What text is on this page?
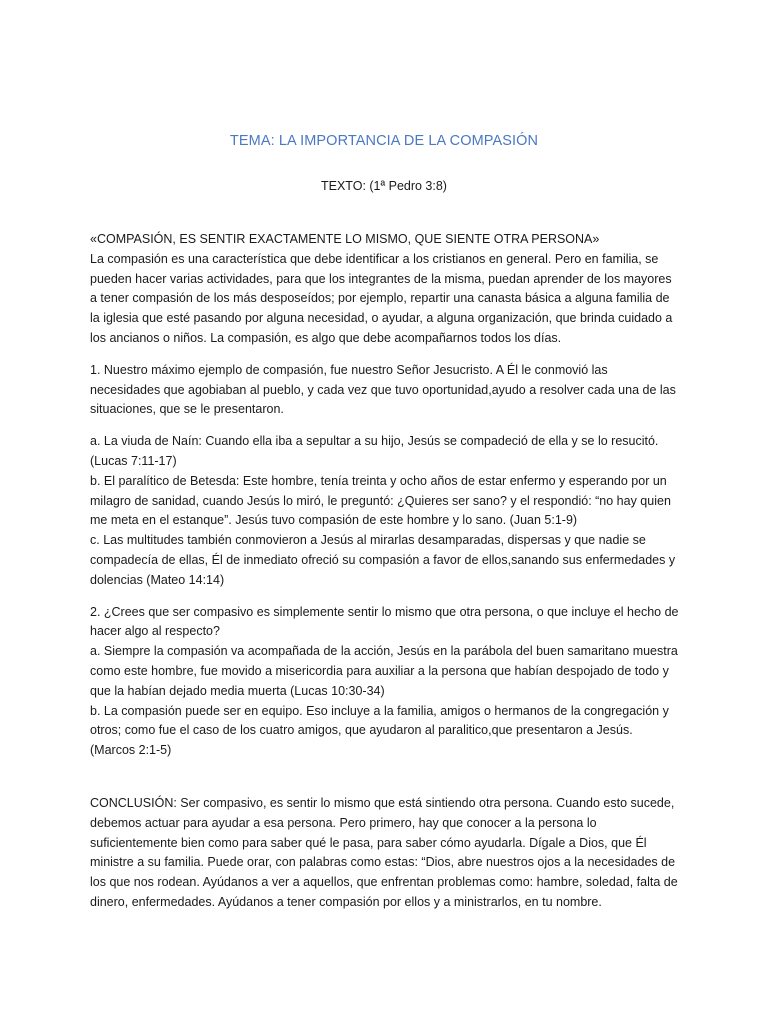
TEMA: LA IMPORTANCIA DE LA COMPASIÓN
TEXTO: (1ª Pedro 3:8)

«COMPASIÓN, ES SENTIR EXACTAMENTE LO MISMO, QUE SIENTE OTRA PERSONA»

La compasión es una característica que debe identificar a los cristianos en general. Pero en familia, se pueden hacer varias actividades, para que los integrantes de la misma, puedan aprender de los mayores a tener compasión de los más desposeídos; por ejemplo, repartir una canasta básica a alguna familia de la iglesia que esté pasando por alguna necesidad, o ayudar, a alguna organización, que brinda cuidado a los ancianos o niños. La compasión, es algo que debe acompañarnos todos los días.

1. Nuestro máximo ejemplo de compasión, fue nuestro Señor Jesucristo. A Él le conmovió las necesidades que agobiaban al pueblo, y cada vez que tuvo oportunidad,ayudo a resolver cada una de las situaciones, que se le presentaron.

a. La viuda de Naín: Cuando ella iba a sepultar a su hijo, Jesús se compadeció de ella y se lo resucitó. (Lucas 7:11-17)

b. El paralítico de Betesda: Este hombre, tenía treinta y ocho años de estar enfermo y esperando por un milagro de sanidad, cuando Jesús lo miró, le preguntó: ¿Quieres ser sano? y el respondió: “no hay quien me meta en el estanque”. Jesús tuvo compasión de este hombre y lo sano. (Juan 5:1-9)

c. Las multitudes también conmovieron a Jesús al mirarlas desamparadas, dispersas y que nadie se compadecía de ellas, Él de inmediato ofreció su compasión a favor de ellos,sanando sus enfermedades y dolencias (Mateo 14:14)

2. ¿Crees que ser compasivo es simplemente sentir lo mismo que otra persona, o que incluye el hecho de hacer algo al respecto?

a. Siempre la compasión va acompañada de la acción, Jesús en la parábola del buen samaritano muestra como este hombre, fue movido a misericordia para auxiliar a la persona que habían despojado de todo y que la habían dejado media muerta (Lucas 10:30-34)

b. La compasión puede ser en equipo. Eso incluye a la familia, amigos o hermanos de la congregación y otros; como fue el caso de los cuatro amigos, que ayudaron al paralitico,que presentaron a Jesús. (Marcos 2:1-5)

CONCLUSIÓN: Ser compasivo, es sentir lo mismo que está sintiendo otra persona. Cuando esto sucede, debemos actuar para ayudar a esa persona. Pero primero, hay que conocer a la persona lo suficientemente bien como para saber qué le pasa, para saber cómo ayudarla. Dígale a Dios, que Él ministre a su familia. Puede orar, con palabras como estas: “Dios, abre nuestros ojos a la necesidades de los que nos rodean. Ayúdanos a ver a aquellos, que enfrentan problemas como: hambre, soledad, falta de dinero, enfermedades. Ayúdanos a tener compasión por ellos y a ministrarlos, en tu nombre.
